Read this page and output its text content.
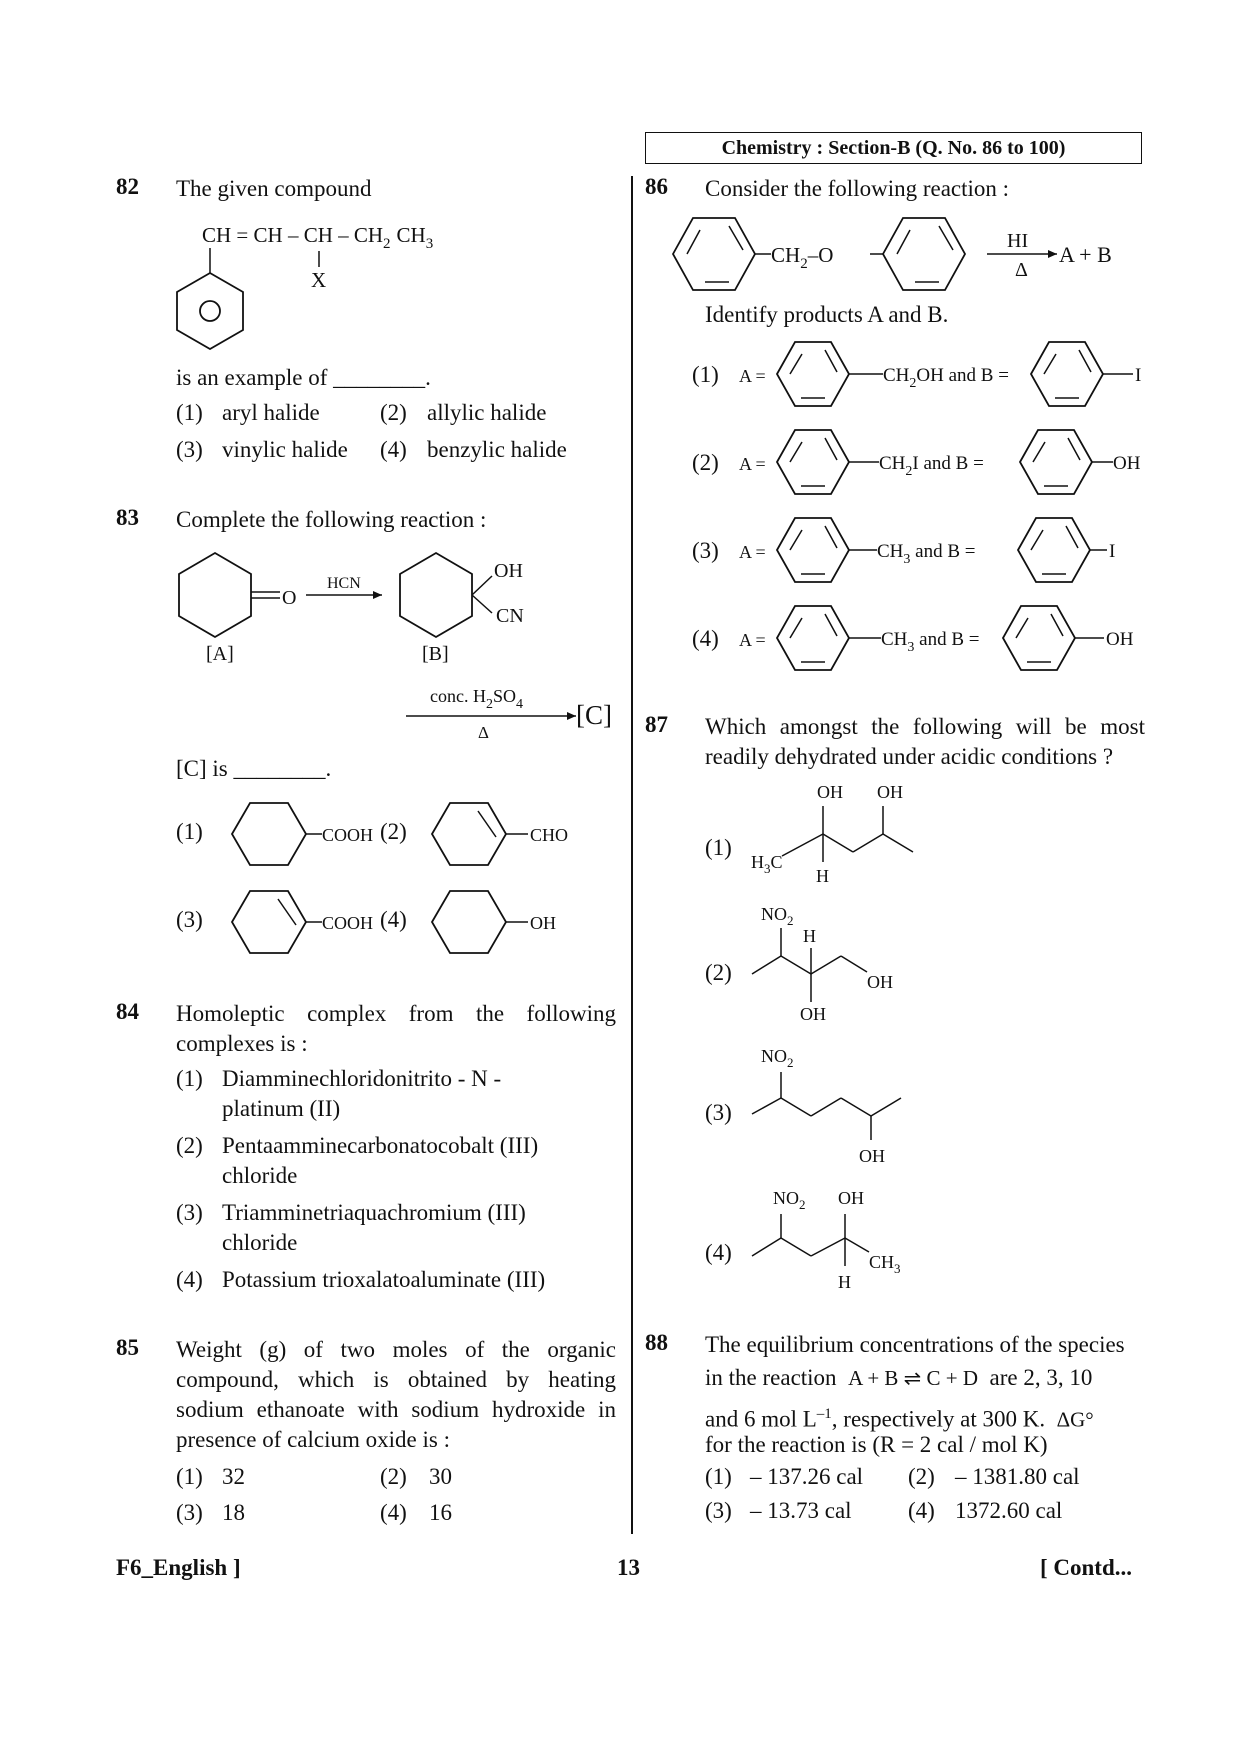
Chemistry : Section-B (Q. No. 86 to 100)
82 The given compound
CH = CH – CH – $CH_2$ $CH_3$
X
is an example of ________.
(1) aryl halide	(2) allylic halide
(3) vinylic halide (4) benzylic halide
83 Complete the following reaction :
O
HCN
OH
CN
[A]	[B]
conc. $H_2SO_4$
Δ
[C]
[C] is ________.
(1)	COOH (2)	CHO
(3)	COOH (4)	OH
84 Homoleptic complex from the following complexes is :
(1) Diamminechloridonitrito - N - platinum (II)
(2) Pentaamminecarbonatocobalt (III) chloride
(3) Triamminetriaquachromium (III) chloride
(4) Potassium trioxalatoaluminate (III)
85 Weight (g) of two moles of the organic compound, which is obtained by heating sodium ethanoate with sodium hydroxide in presence of calcium oxide is :
(1) 32	(2) 30
(3) 18	(4) 16
86 Consider the following reaction :
$CH_2-O$
HI
Δ
A + B
Identify products A and B.
(1) A =	$CH_2OH$ and B =	I
(2) A =	$CH_2I$ and B =	OH
(3) A =	$CH_3$ and B =	I
(4) A =	$CH_3$ and B =	OH
87 Which amongst the following will be most readily dehydrated under acidic conditions ?
(1)
OH OH
$H_3C$
H
(2)
$NO_2$
H
OH
OH
(3)
$NO_2$
OH
(4)
$NO_2$ OH
$CH_3$
H
88 The equilibrium concentrations of the species
in the reaction A + B ⇌ C + D are 2, 3, 10
and 6 mol $L^{-1}$, respectively at 300 K. ΔG°
for the reaction is (R = 2 cal / mol K)
(1) – 137.26 cal (2) – 1381.80 cal
(3) – 13.73 cal (4) 1372.60 cal
F6_English ]	13	[ Contd...
